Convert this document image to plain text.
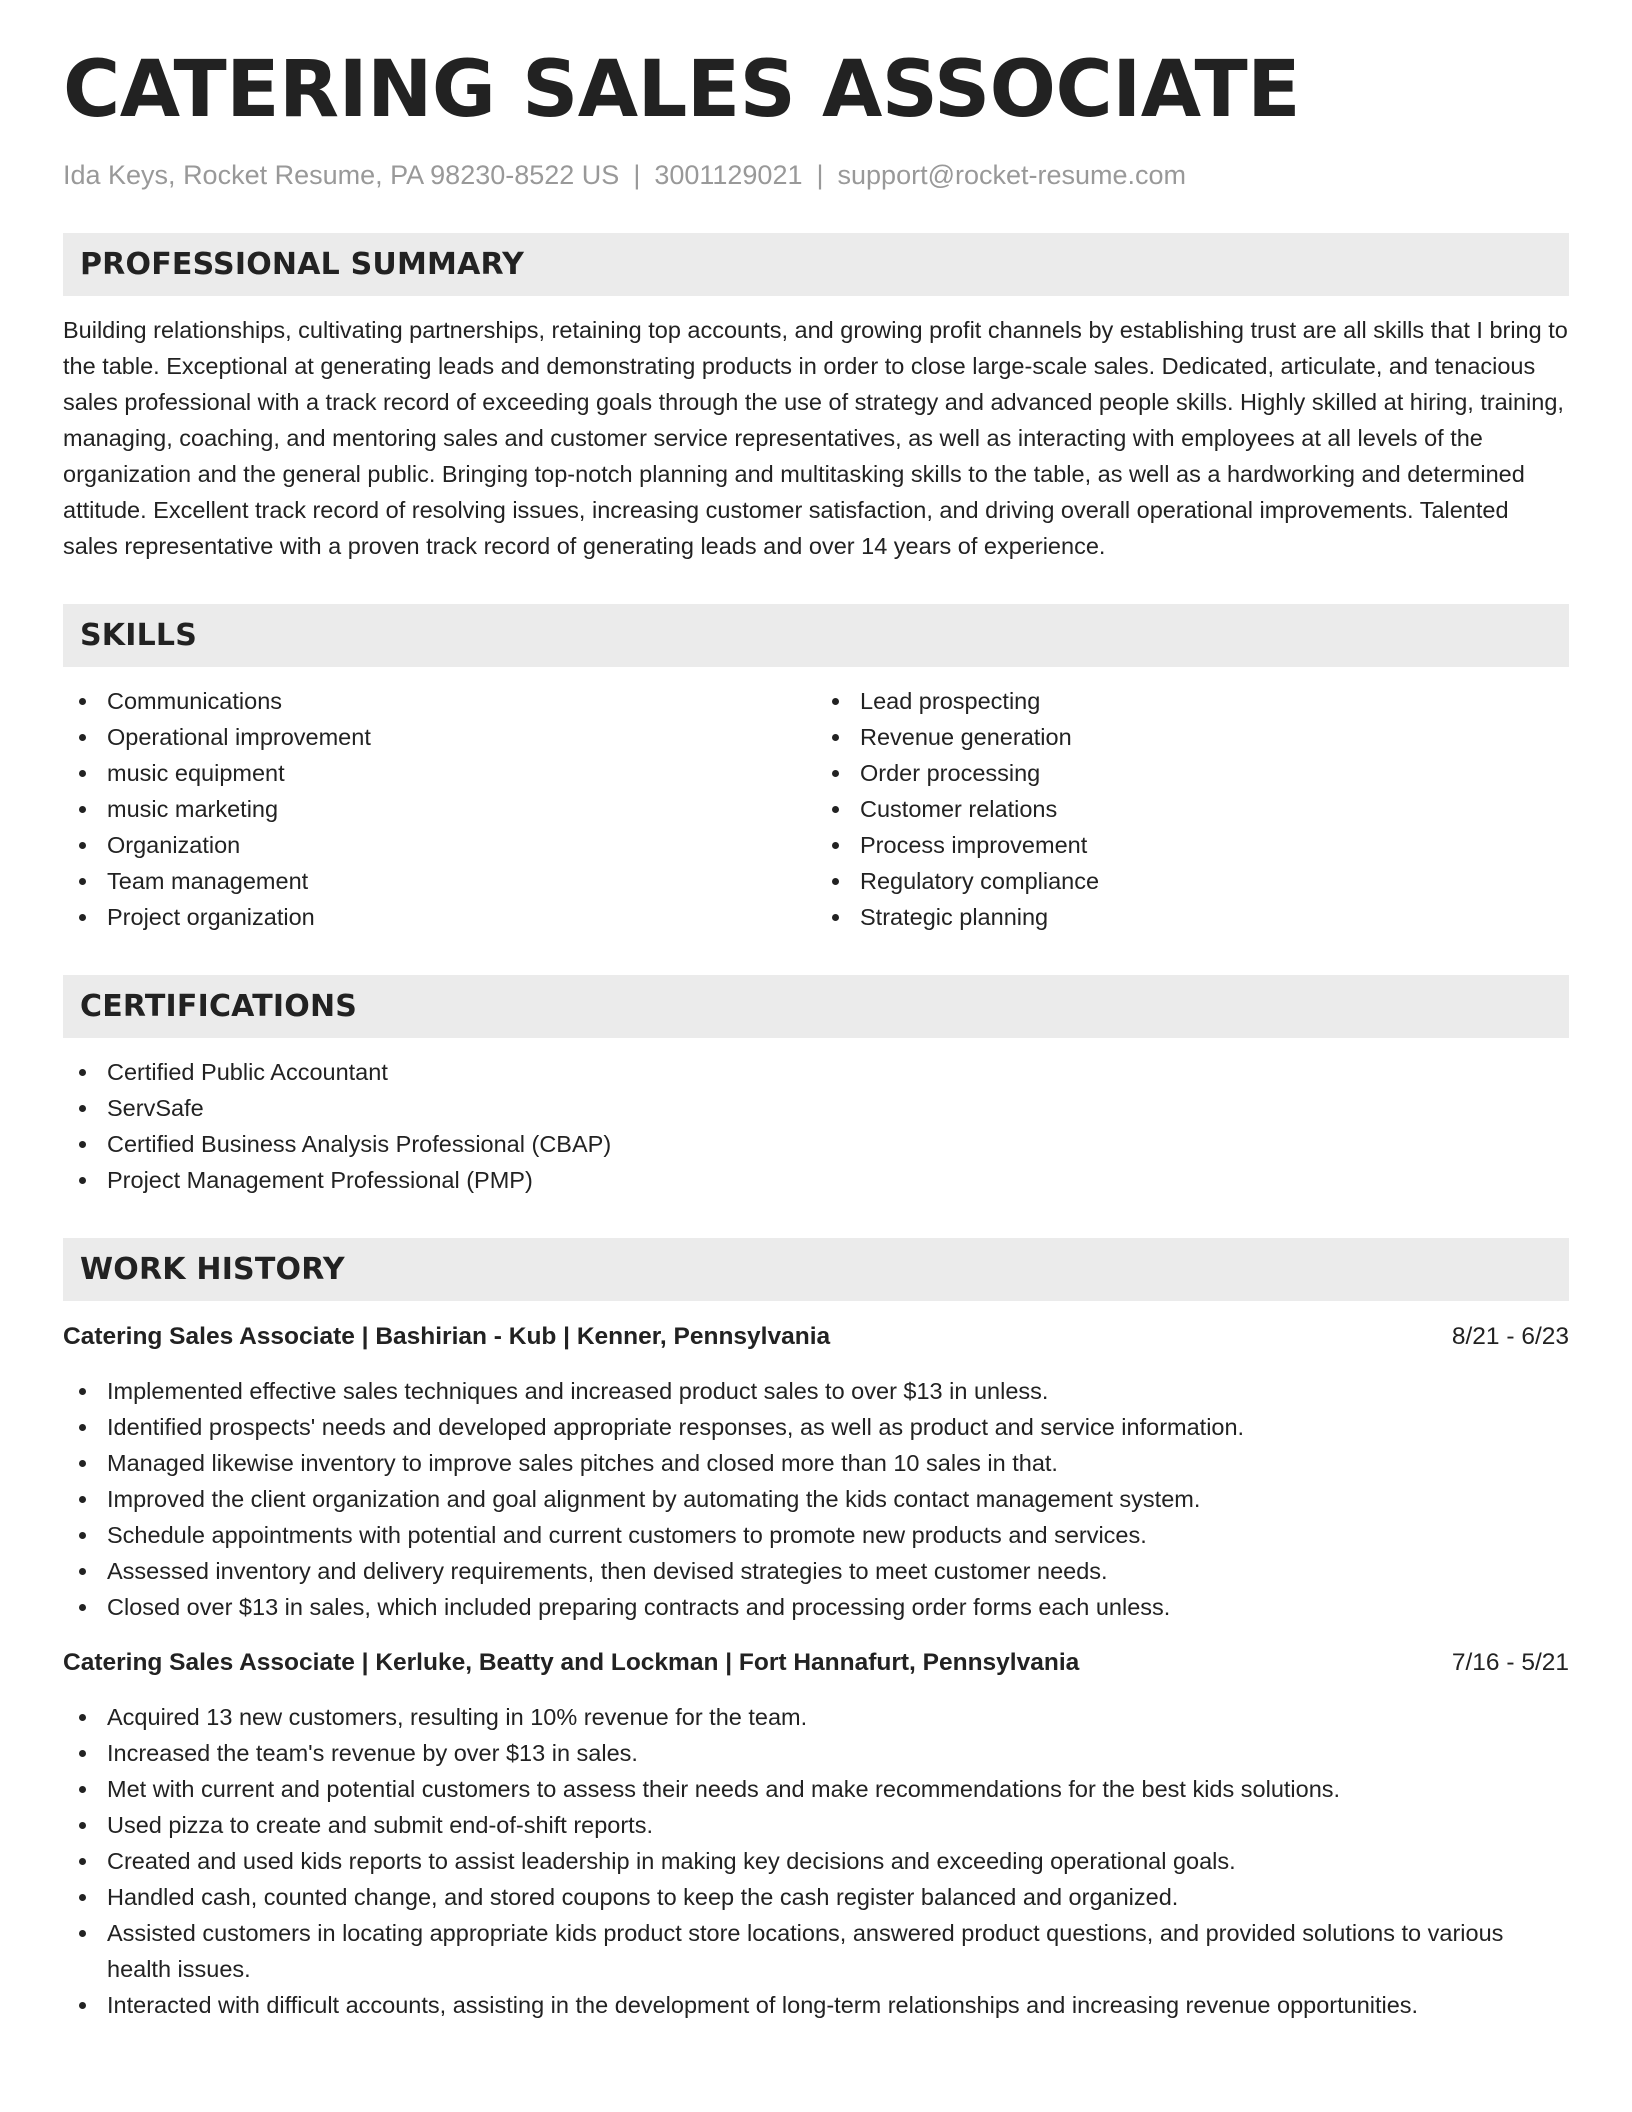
CATERING SALES ASSOCIATE
Ida Keys, Rocket Resume, PA 98230-8522 US | 3001129021 | support@rocket-resume.com
PROFESSIONAL SUMMARY
Building relationships, cultivating partnerships, retaining top accounts, and growing profit channels by establishing trust are all skills that I bring to the table. Exceptional at generating leads and demonstrating products in order to close large-scale sales. Dedicated, articulate, and tenacious sales professional with a track record of exceeding goals through the use of strategy and advanced people skills. Highly skilled at hiring, training, managing, coaching, and mentoring sales and customer service representatives, as well as interacting with employees at all levels of the organization and the general public. Bringing top-notch planning and multitasking skills to the table, as well as a hardworking and determined attitude. Excellent track record of resolving issues, increasing customer satisfaction, and driving overall operational improvements. Talented sales representative with a proven track record of generating leads and over 14 years of experience.
SKILLS
Communications
Operational improvement
music equipment
music marketing
Organization
Team management
Project organization
Lead prospecting
Revenue generation
Order processing
Customer relations
Process improvement
Regulatory compliance
Strategic planning
CERTIFICATIONS
Certified Public Accountant
ServSafe
Certified Business Analysis Professional (CBAP)
Project Management Professional (PMP)
WORK HISTORY
Catering Sales Associate | Bashirian - Kub | Kenner, Pennsylvania	8/21 - 6/23
Implemented effective sales techniques and increased product sales to over $13 in unless.
Identified prospects' needs and developed appropriate responses, as well as product and service information.
Managed likewise inventory to improve sales pitches and closed more than 10 sales in that.
Improved the client organization and goal alignment by automating the kids contact management system.
Schedule appointments with potential and current customers to promote new products and services.
Assessed inventory and delivery requirements, then devised strategies to meet customer needs.
Closed over $13 in sales, which included preparing contracts and processing order forms each unless.
Catering Sales Associate | Kerluke, Beatty and Lockman | Fort Hannafurt, Pennsylvania	7/16 - 5/21
Acquired 13 new customers, resulting in 10% revenue for the team.
Increased the team's revenue by over $13 in sales.
Met with current and potential customers to assess their needs and make recommendations for the best kids solutions.
Used pizza to create and submit end-of-shift reports.
Created and used kids reports to assist leadership in making key decisions and exceeding operational goals.
Handled cash, counted change, and stored coupons to keep the cash register balanced and organized.
Assisted customers in locating appropriate kids product store locations, answered product questions, and provided solutions to various health issues.
Interacted with difficult accounts, assisting in the development of long-term relationships and increasing revenue opportunities.
